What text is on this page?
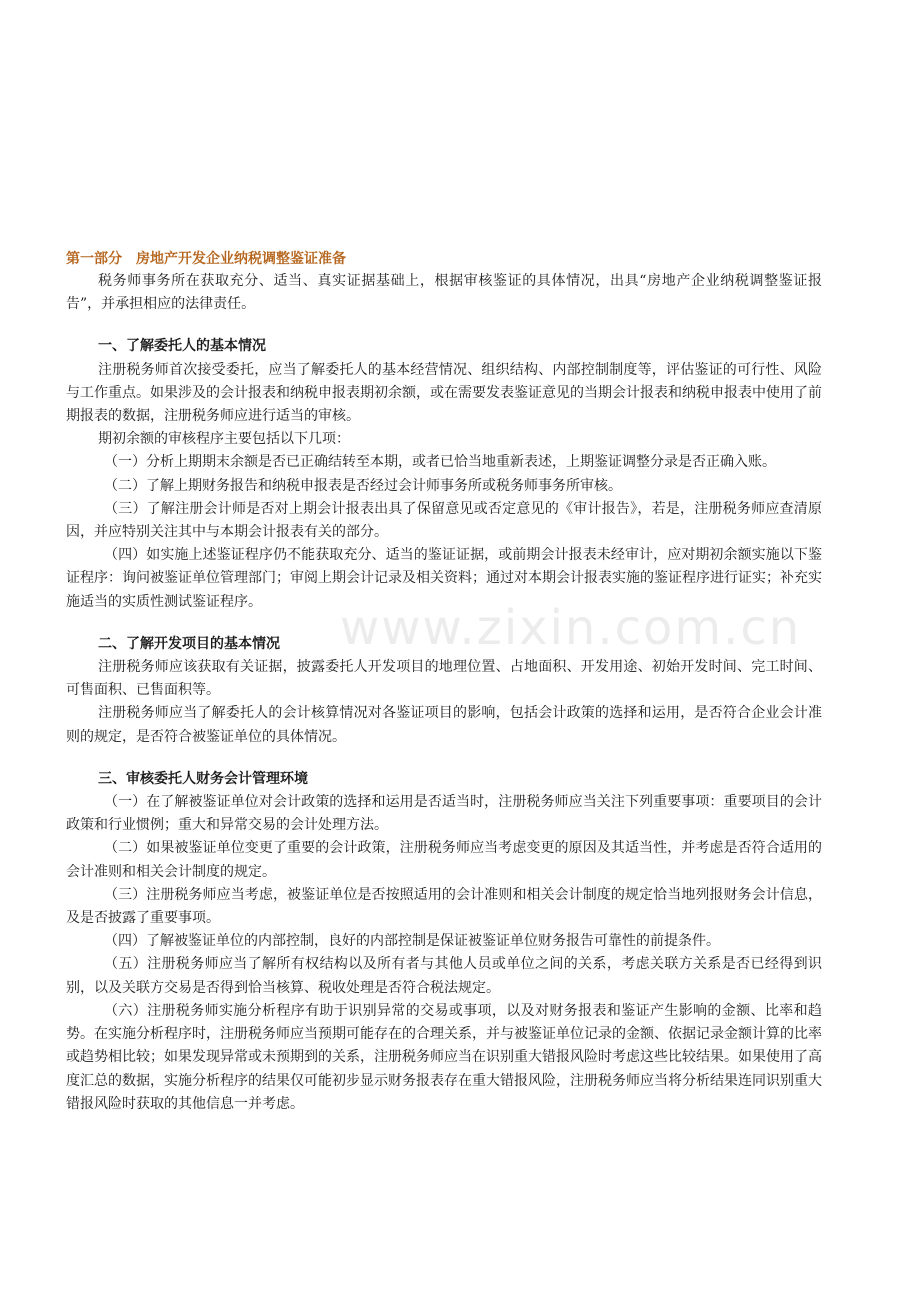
第一部分　房地产开发企业纳税调整鉴证准备

税务师事务所在获取充分、适当、真实证据基础上，根据审核鉴证的具体情况，出具“房地产企业纳税调整鉴证报告”，并承担相应的法律责任。

一、了解委托人的基本情况

注册税务师首次接受委托，应当了解委托人的基本经营情况、组织结构、内部控制制度等，评估鉴证的可行性、风险与工作重点。如果涉及的会计报表和纳税申报表期初余额，或在需要发表鉴证意见的当期会计报表和纳税申报表中使用了前期报表的数据，注册税务师应进行适当的审核。

期初余额的审核程序主要包括以下几项：

（一）分析上期期末余额是否已正确结转至本期，或者已恰当地重新表述，上期鉴证调整分录是否正确入账。

（二）了解上期财务报告和纳税申报表是否经过会计师事务所或税务师事务所审核。

（三）了解注册会计师是否对上期会计报表出具了保留意见或否定意见的《审计报告》，若是，注册税务师应查清原因，并应特别关注其中与本期会计报表有关的部分。

（四）如实施上述鉴证程序仍不能获取充分、适当的鉴证证据，或前期会计报表未经审计，应对期初余额实施以下鉴证程序：询问被鉴证单位管理部门；审阅上期会计记录及相关资料；通过对本期会计报表实施的鉴证程序进行证实；补充实施适当的实质性测试鉴证程序。

二、了解开发项目的基本情况

注册税务师应该获取有关证据，披露委托人开发项目的地理位置、占地面积、开发用途、初始开发时间、完工时间、可售面积、已售面积等。

注册税务师应当了解委托人的会计核算情况对各鉴证项目的影响，包括会计政策的选择和运用，是否符合企业会计准则的规定，是否符合被鉴证单位的具体情况。

三、审核委托人财务会计管理环境

（一）在了解被鉴证单位对会计政策的选择和运用是否适当时，注册税务师应当关注下列重要事项：重要项目的会计政策和行业惯例；重大和异常交易的会计处理方法。

（二）如果被鉴证单位变更了重要的会计政策，注册税务师应当考虑变更的原因及其适当性，并考虑是否符合适用的会计准则和相关会计制度的规定。

（三）注册税务师应当考虑，被鉴证单位是否按照适用的会计准则和相关会计制度的规定恰当地列报财务会计信息，及是否披露了重要事项。

（四）了解被鉴证单位的内部控制，良好的内部控制是保证被鉴证单位财务报告可靠性的前提条件。

（五）注册税务师应当了解所有权结构以及所有者与其他人员或单位之间的关系，考虑关联方关系是否已经得到识别，以及关联方交易是否得到恰当核算、税收处理是否符合税法规定。

（六）注册税务师实施分析程序有助于识别异常的交易或事项，以及对财务报表和鉴证产生影响的金额、比率和趋势。在实施分析程序时，注册税务师应当预期可能存在的合理关系，并与被鉴证单位记录的金额、依据记录金额计算的比率或趋势相比较；如果发现异常或未预期到的关系，注册税务师应当在识别重大错报风险时考虑这些比较结果。如果使用了高度汇总的数据，实施分析程序的结果仅可能初步显示财务报表存在重大错报风险，注册税务师应当将分析结果连同识别重大错报风险时获取的其他信息一并考虑。

www.zixin.com.cn
